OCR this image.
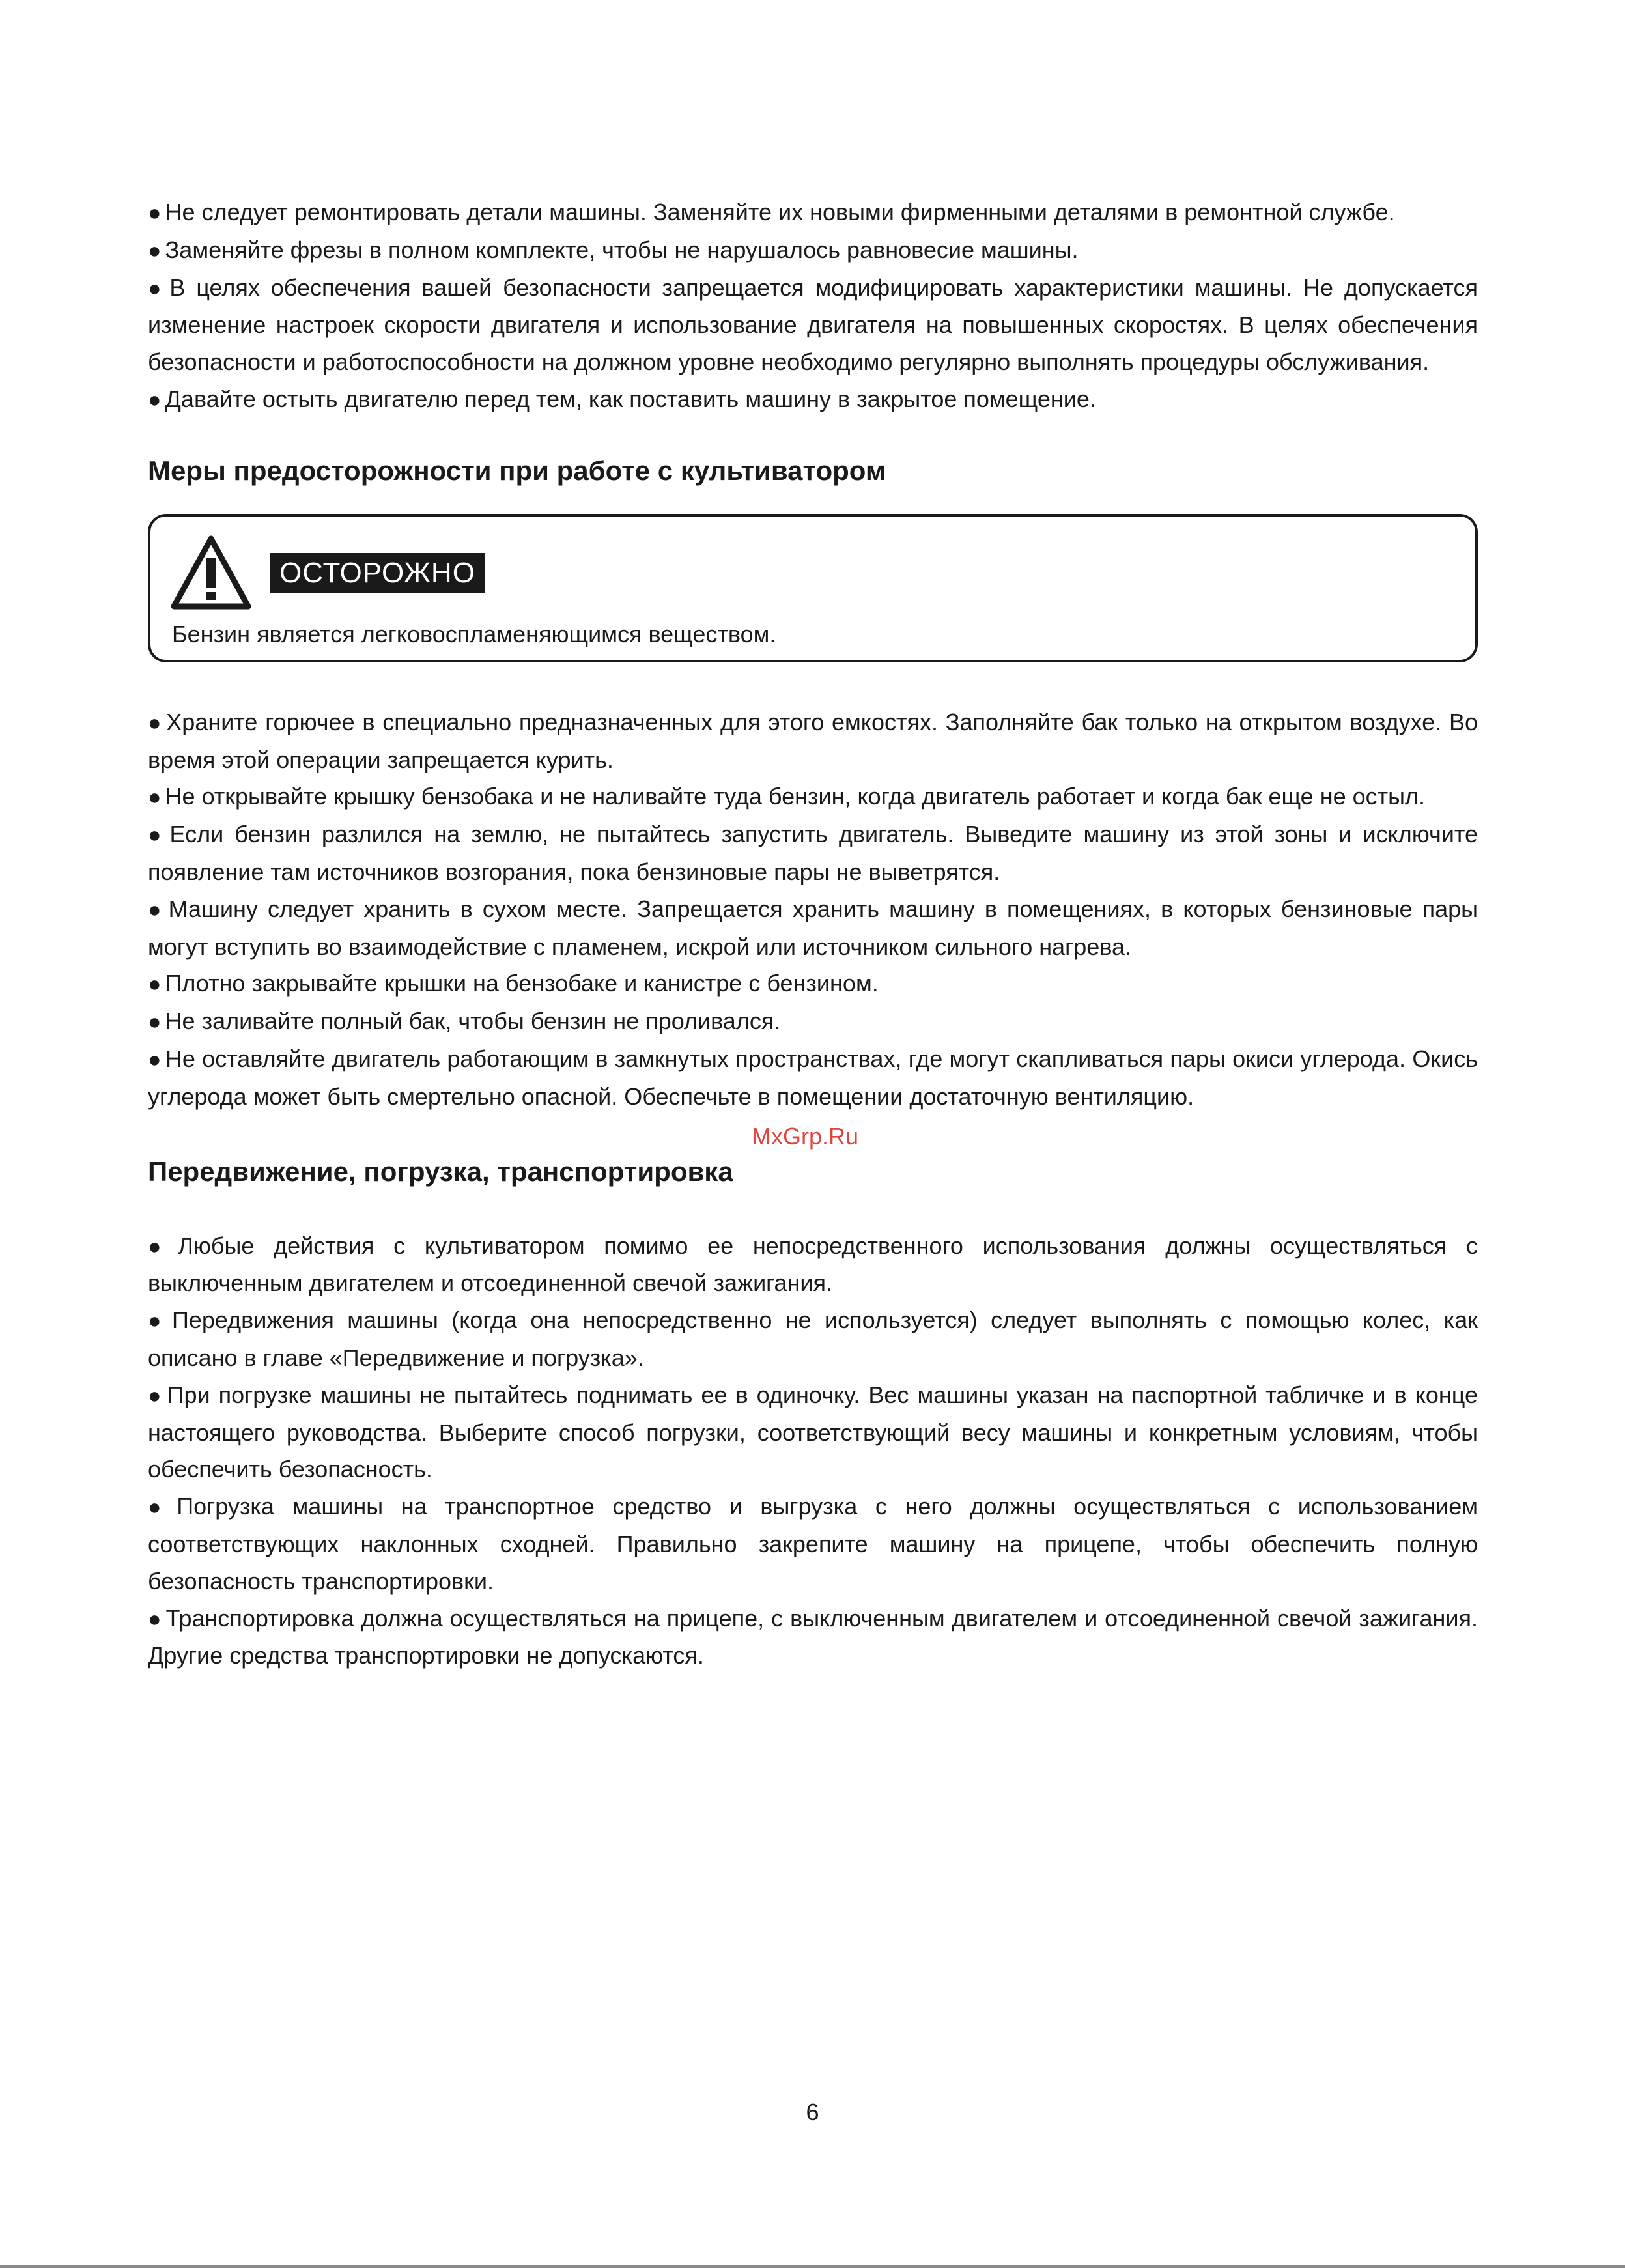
● Не следует ремонтировать детали машины. Заменяйте их новыми фирменными деталями в ремонтной службе.

● Заменяйте фрезы в полном комплекте, чтобы не нарушалось равновесие машины.

● В целях обеспечения вашей безопасности запрещается модифицировать характеристики машины. Не допускается изменение настроек скорости двигателя и использование двигателя на повышенных скоростях. В целях обеспечения безопасности и работоспособности на должном уровне необходимо регулярно выполнять процедуры обслуживания.

● Давайте остыть двигателю перед тем, как поставить машину в закрытое помещение.

Меры предосторожности при работе с культиватором
ОСТОРОЖНО
Бензин является легковоспламеняющимся веществом.

● Храните горючее в специально предназначенных для этого емкостях. Заполняйте бак только на открытом воздухе. Во время этой операции запрещается курить.

● Не открывайте крышку бензобака и не наливайте туда бензин, когда двигатель работает и когда бак еще не остыл.

● Если бензин разлился на землю, не пытайтесь запустить двигатель. Выведите машину из этой зоны и исключите появление там источников возгорания, пока бензиновые пары не выветрятся.

● Машину следует хранить в сухом месте. Запрещается хранить машину в помещениях, в которых бензиновые пары могут вступить во взаимодействие с пламенем, искрой или источником сильного нагрева.

● Плотно закрывайте крышки на бензобаке и канистре с бензином.

● Не заливайте полный бак, чтобы бензин не проливался.

● Не оставляйте двигатель работающим в замкнутых пространствах, где могут скапливаться пары окиси углерода. Окись углерода может быть смертельно опасной. Обеспечьте в помещении достаточную вентиляцию.

Передвижение, погрузка, транспортировка

● Любые действия с культиватором помимо ее непосредственного использования должны осуществляться с выключенным двигателем и отсоединенной свечой зажигания.

● Передвижения машины (когда она непосредственно не используется) следует выполнять с помощью колес, как описано в главе «Передвижение и погрузка».

● При погрузке машины не пытайтесь поднимать ее в одиночку. Вес машины указан на паспортной табличке и в конце настоящего руководства. Выберите способ погрузки, соответствующий весу машины и конкретным условиям, чтобы обеспечить безопасность.

● Погрузка машины на транспортное средство и выгрузка с него должны осуществляться с использованием соответствующих наклонных сходней. Правильно закрепите машину на прицепе, чтобы обеспечить полную безопасность транспортировки.

● Транспортировка должна осуществляться на прицепе, с выключенным двигателем и отсоединенной свечой зажигания. Другие средства транспортировки не допускаются.

MxGrp.Ru
6
